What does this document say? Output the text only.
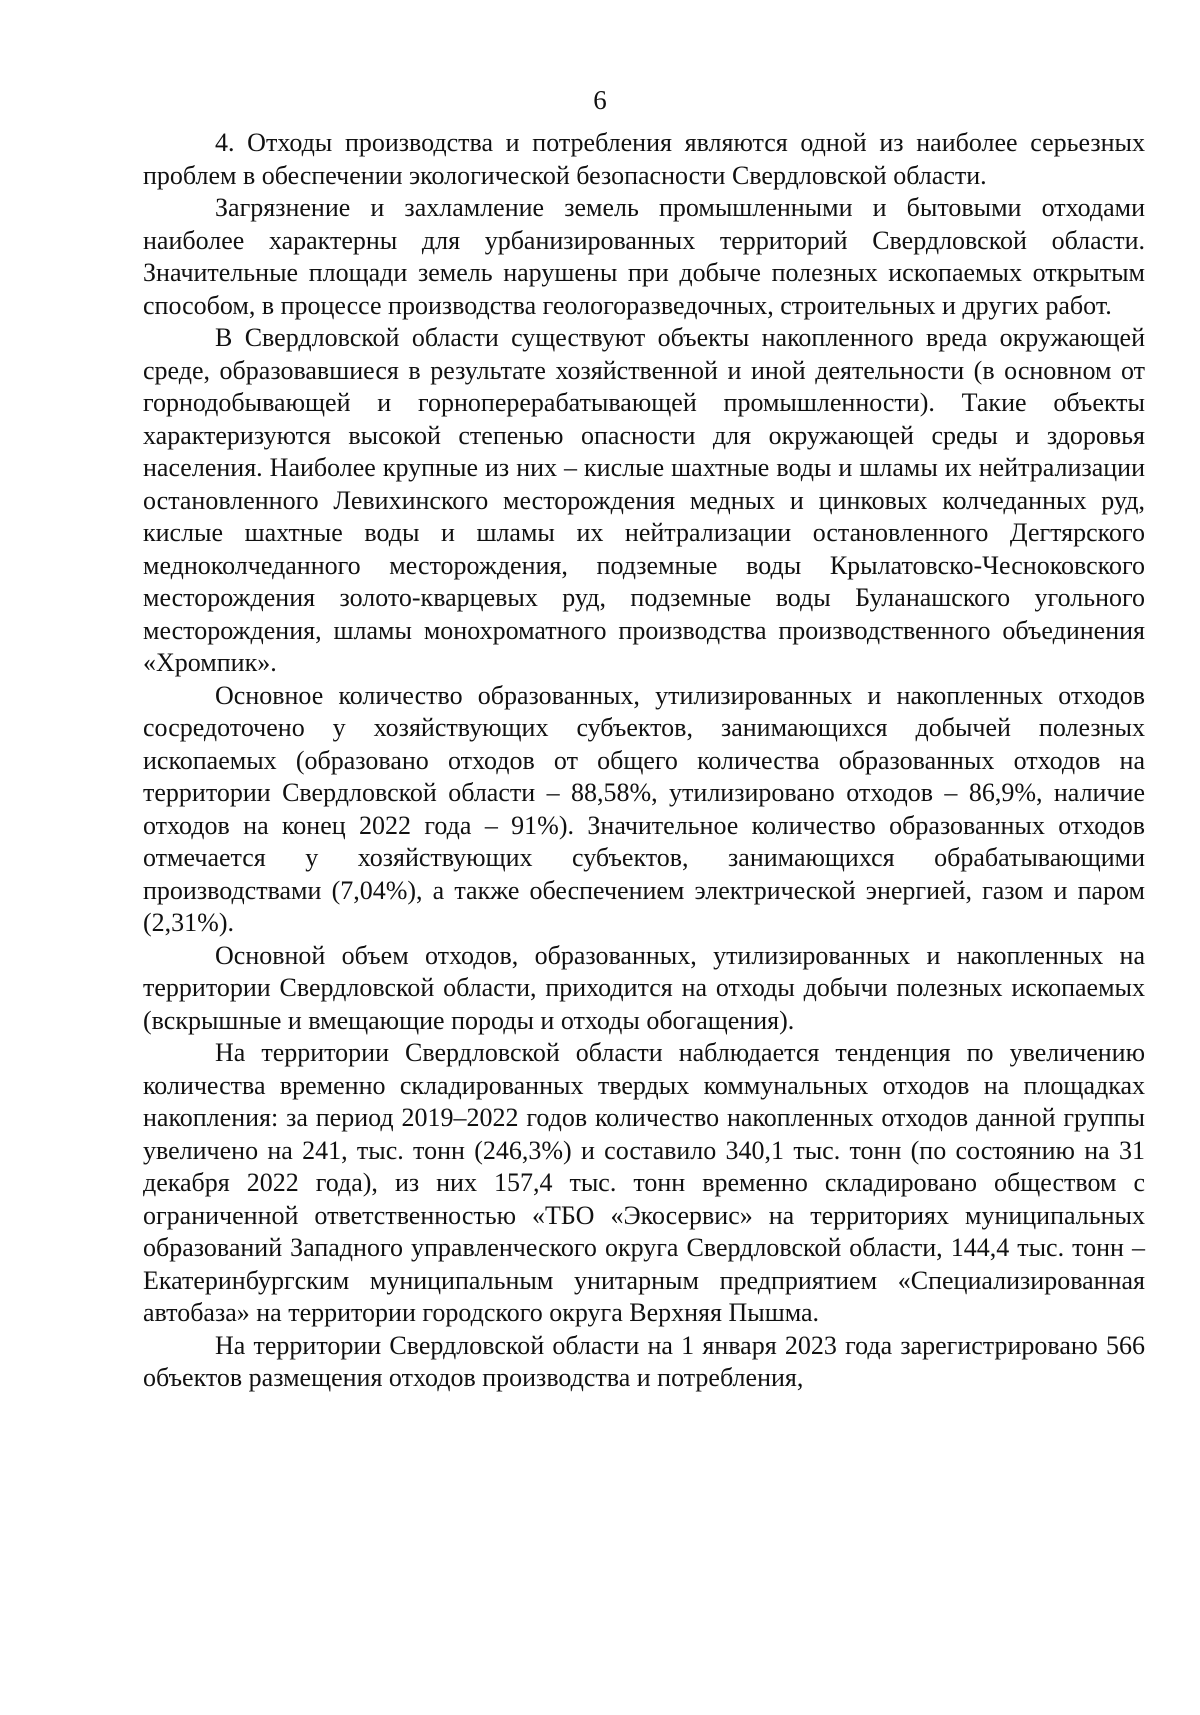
6

4. Отходы производства и потребления являются одной из наиболее серьезных проблем в обеспечении экологической безопасности Свердловской области.

Загрязнение и захламление земель промышленными и бытовыми отходами наиболее характерны для урбанизированных территорий Свердловской области. Значительные площади земель нарушены при добыче полезных ископаемых открытым способом, в процессе производства геологоразведочных, строительных и других работ.

В Свердловской области существуют объекты накопленного вреда окружающей среде, образовавшиеся в результате хозяйственной и иной деятельности (в основном от горнодобывающей и горноперерабатывающей промышленности). Такие объекты характеризуются высокой степенью опасности для окружающей среды и здоровья населения. Наиболее крупные из них – кислые шахтные воды и шламы их нейтрализации остановленного Левихинского месторождения медных и цинковых колчеданных руд, кислые шахтные воды и шламы их нейтрализации остановленного Дегтярского медноколчеданного месторождения, подземные воды Крылатовско-Чесноковского месторождения золото-кварцевых руд, подземные воды Буланашского угольного месторождения, шламы монохроматного производства производственного объединения «Хромпик».

Основное количество образованных, утилизированных и накопленных отходов сосредоточено у хозяйствующих субъектов, занимающихся добычей полезных ископаемых (образовано отходов от общего количества образованных отходов на территории Свердловской области – 88,58%, утилизировано отходов – 86,9%, наличие отходов на конец 2022 года – 91%). Значительное количество образованных отходов отмечается у хозяйствующих субъектов, занимающихся обрабатывающими производствами (7,04%), а также обеспечением электрической энергией, газом и паром (2,31%).

Основной объем отходов, образованных, утилизированных и накопленных на территории Свердловской области, приходится на отходы добычи полезных ископаемых (вскрышные и вмещающие породы и отходы обогащения).

На территории Свердловской области наблюдается тенденция по увеличению количества временно складированных твердых коммунальных отходов на площадках накопления: за период 2019–2022 годов количество накопленных отходов данной группы увеличено на 241, тыс. тонн (246,3%) и составило 340,1 тыс. тонн (по состоянию на 31 декабря 2022 года), из них 157,4 тыс. тонн временно складировано обществом с ограниченной ответственностью «ТБО «Экосервис» на территориях муниципальных образований Западного управленческого округа Свердловской области, 144,4 тыс. тонн – Екатеринбургским муниципальным унитарным предприятием «Специализированная автобаза» на территории городского округа Верхняя Пышма.

На территории Свердловской области на 1 января 2023 года зарегистрировано 566 объектов размещения отходов производства и потребления,
